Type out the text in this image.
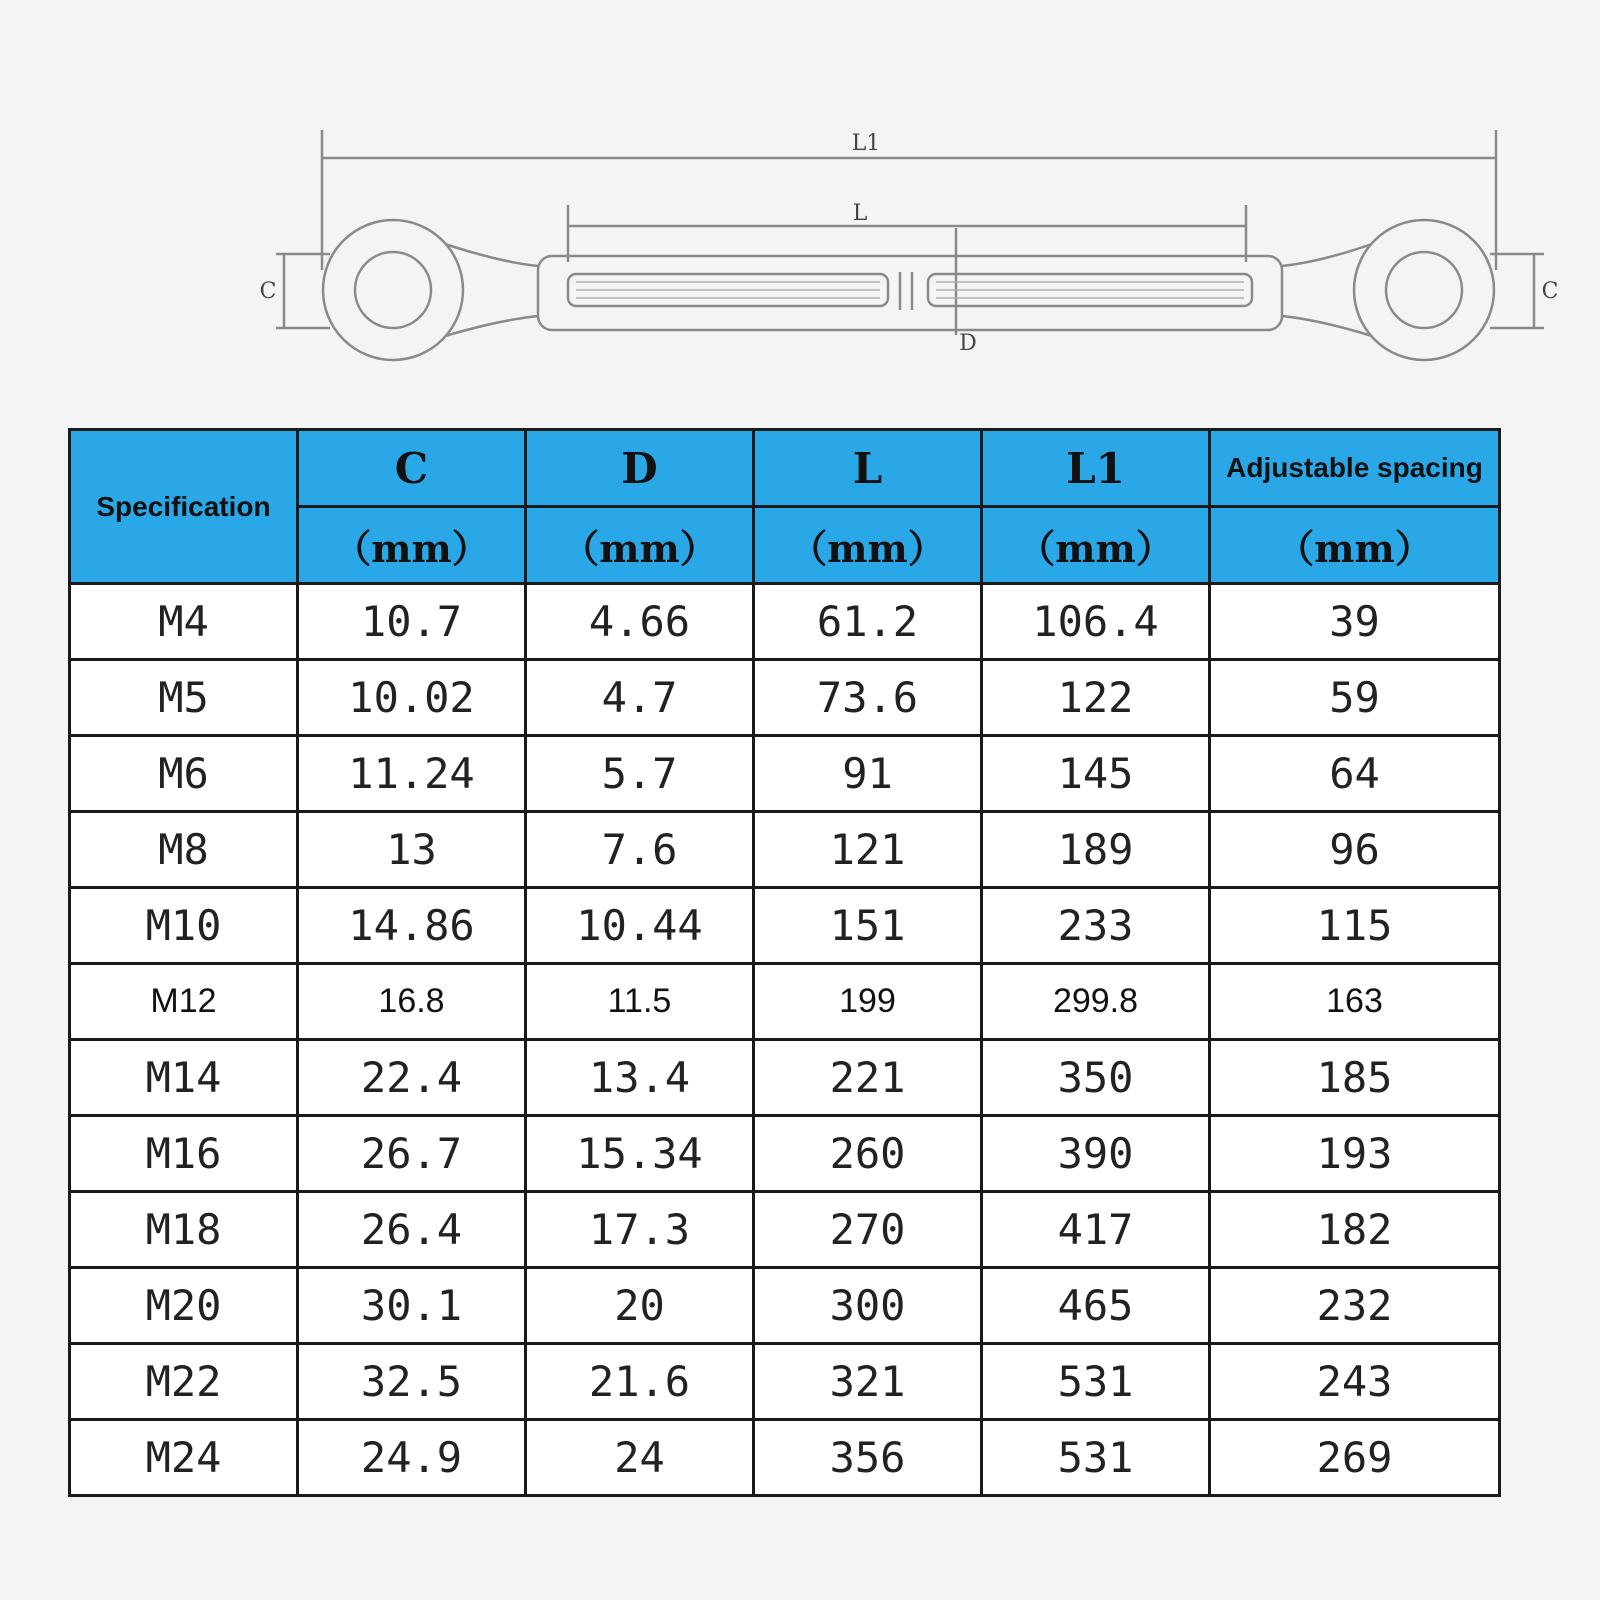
L1
L
C	C
D
Specification	C	D	L	L1	Adjustable spacing
	（mm）	（mm）	（mm）	（mm）	（mm）
M4	10.7	4.66	61.2	106.4	39
M5	10.02	4.7	73.6	122	59
M6	11.24	5.7	91	145	64
M8	13	7.6	121	189	96
M10	14.86	10.44	151	233	115
M12	16.8	11.5	199	299.8	163
M14	22.4	13.4	221	350	185
M16	26.7	15.34	260	390	193
M18	26.4	17.3	270	417	182
M20	30.1	20	300	465	232
M22	32.5	21.6	321	531	243
M24	24.9	24	356	531	269
